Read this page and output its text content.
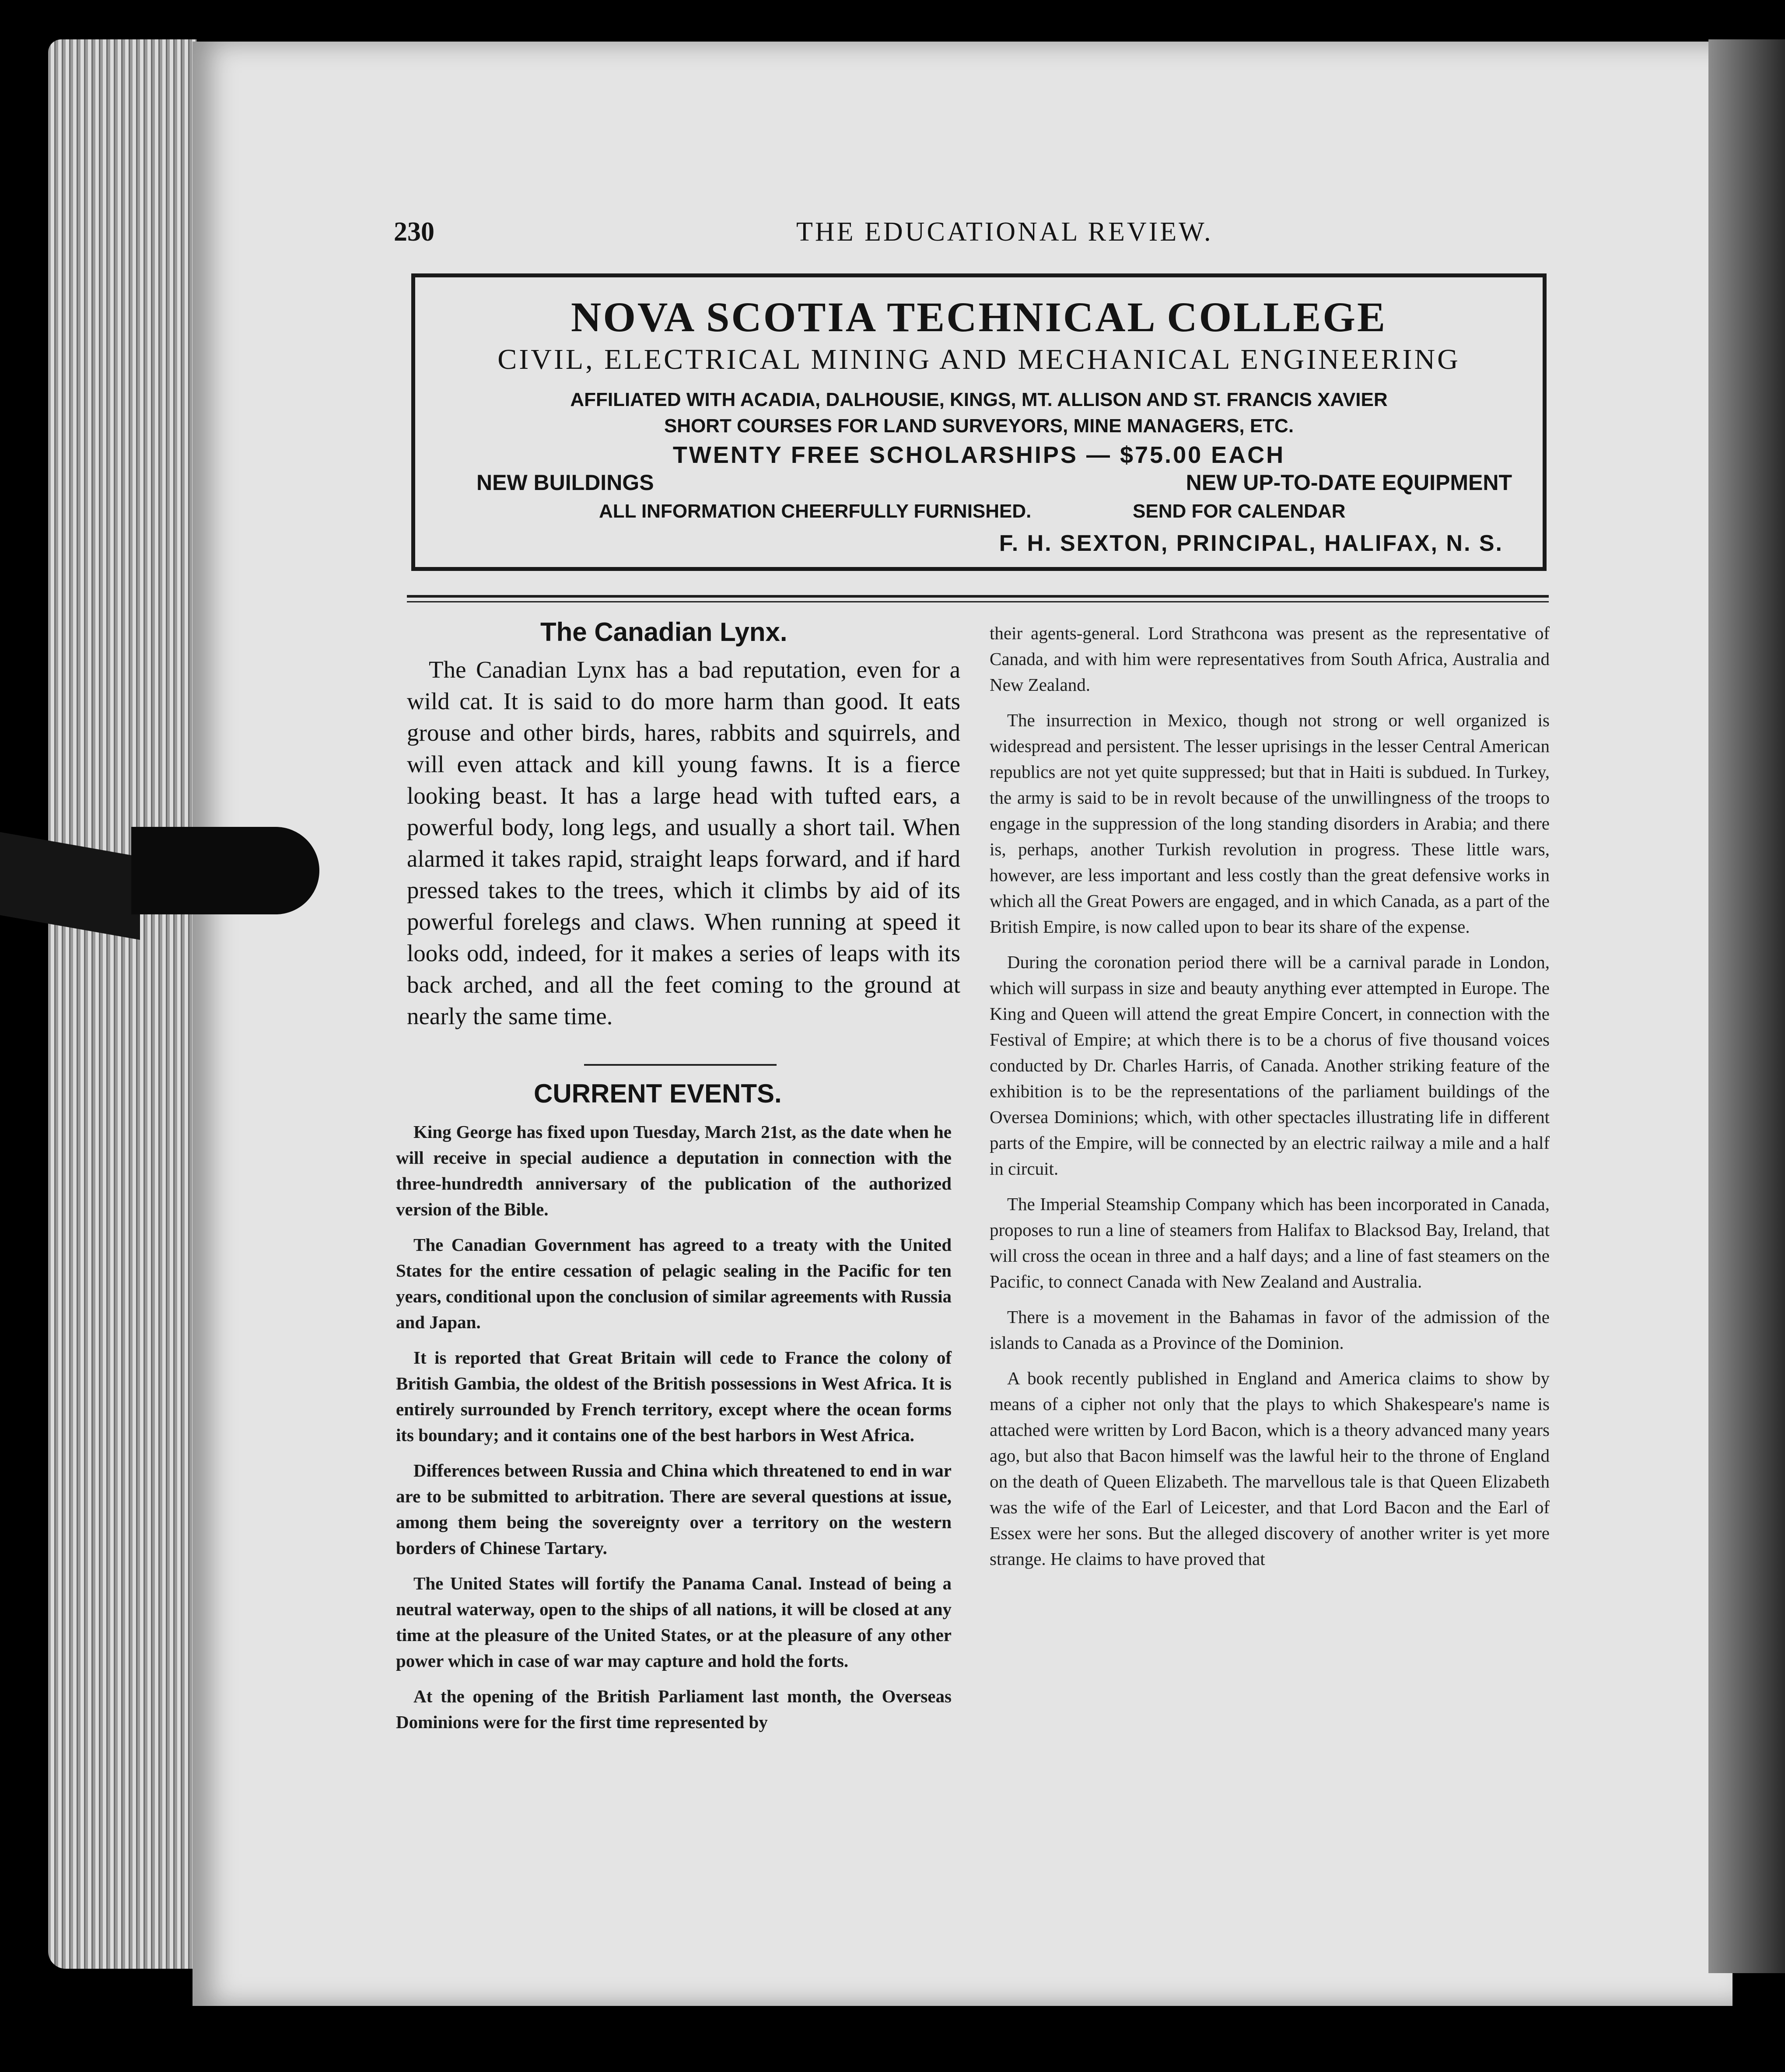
230	THE EDUCATIONAL REVIEW.
NOVA SCOTIA TECHNICAL COLLEGE
CIVIL, ELECTRICAL MINING AND MECHANICAL ENGINEERING
AFFILIATED WITH ACADIA, DALHOUSIE, KINGS, MT. ALLISON AND ST. FRANCIS XAVIER
SHORT COURSES FOR LAND SURVEYORS, MINE MANAGERS, ETC.
TWENTY FREE SCHOLARSHIPS — $75.00 EACH
NEW BUILDINGS	NEW UP-TO-DATE EQUIPMENT
ALL INFORMATION CHEERFULLY FURNISHED.	SEND FOR CALENDAR
F. H. SEXTON, PRINCIPAL, HALIFAX, N. S.
The Canadian Lynx.

The Canadian Lynx has a bad reputation, even for a wild cat. It is said to do more harm than good. It eats grouse and other birds, hares, rabbits and squirrels, and will even attack and kill young fawns. It is a fierce looking beast. It has a large head with tufted ears, a powerful body, long legs, and usually a short tail. When alarmed it takes rapid, straight leaps forward, and if hard pressed takes to the trees, which it climbs by aid of its powerful forelegs and claws. When running at speed it looks odd, indeed, for it makes a series of leaps with its back arched, and all the feet coming to the ground at nearly the same time.

CURRENT EVENTS.

King George has fixed upon Tuesday, March 21st, as the date when he will receive in special audience a deputation in connection with the three-hundredth anniversary of the publication of the authorized version of the Bible.

The Canadian Government has agreed to a treaty with the United States for the entire cessation of pelagic sealing in the Pacific for ten years, conditional upon the conclusion of similar agreements with Russia and Japan.

It is reported that Great Britain will cede to France the colony of British Gambia, the oldest of the British possessions in West Africa. It is entirely surrounded by French territory, except where the ocean forms its boundary; and it contains one of the best harbors in West Africa.

Differences between Russia and China which threatened to end in war are to be submitted to arbitration. There are several questions at issue, among them being the sovereignty over a territory on the western borders of Chinese Tartary.

The United States will fortify the Panama Canal. Instead of being a neutral waterway, open to the ships of all nations, it will be closed at any time at the pleasure of the United States, or at the pleasure of any other power which in case of war may capture and hold the forts.

At the opening of the British Parliament last month, the Overseas Dominions were for the first time represented by

their agents-general. Lord Strathcona was present as the representative of Canada, and with him were representatives from South Africa, Australia and New Zealand.

The insurrection in Mexico, though not strong or well organized is widespread and persistent. The lesser uprisings in the lesser Central American republics are not yet quite suppressed; but that in Haiti is subdued. In Turkey, the army is said to be in revolt because of the unwillingness of the troops to engage in the suppression of the long standing disorders in Arabia; and there is, perhaps, another Turkish revolution in progress. These little wars, however, are less important and less costly than the great defensive works in which all the Great Powers are engaged, and in which Canada, as a part of the British Empire, is now called upon to bear its share of the expense.

During the coronation period there will be a carnival parade in London, which will surpass in size and beauty anything ever attempted in Europe. The King and Queen will attend the great Empire Concert, in connection with the Festival of Empire; at which there is to be a chorus of five thousand voices conducted by Dr. Charles Harris, of Canada. Another striking feature of the exhibition is to be the representations of the parliament buildings of the Oversea Dominions; which, with other spectacles illustrating life in different parts of the Empire, will be connected by an electric railway a mile and a half in circuit.

The Imperial Steamship Company which has been incorporated in Canada, proposes to run a line of steamers from Halifax to Blacksod Bay, Ireland, that will cross the ocean in three and a half days; and a line of fast steamers on the Pacific, to connect Canada with New Zealand and Australia.

There is a movement in the Bahamas in favor of the admission of the islands to Canada as a Province of the Dominion.

A book recently published in England and America claims to show by means of a cipher not only that the plays to which Shakespeare's name is attached were written by Lord Bacon, which is a theory advanced many years ago, but also that Bacon himself was the lawful heir to the throne of England on the death of Queen Elizabeth. The marvellous tale is that Queen Elizabeth was the wife of the Earl of Leicester, and that Lord Bacon and the Earl of Essex were her sons. But the alleged discovery of another writer is yet more strange. He claims to have proved that
